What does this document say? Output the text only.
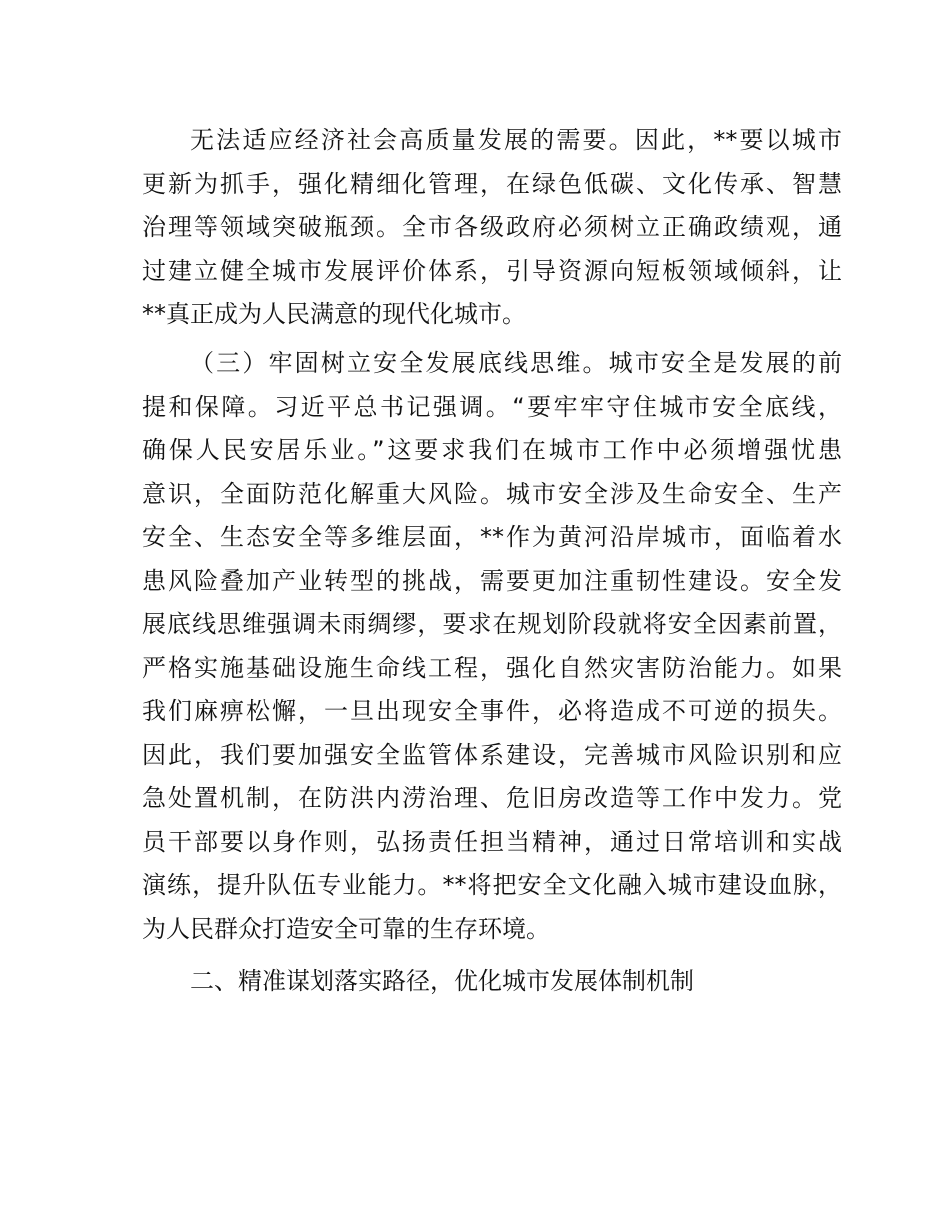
无法适应经济社会高质量发展的需要。因此，**要以城市
更新为抓手，强化精细化管理，在绿色低碳、文化传承、智慧
治理等领域突破瓶颈。全市各级政府必须树立正确政绩观，通
过建立健全城市发展评价体系，引导资源向短板领域倾斜，让
**真正成为人民满意的现代化城市。
（三）牢固树立安全发展底线思维。城市安全是发展的前
提和保障。习近平总书记强调。“要牢牢守住城市安全底线，
确保人民安居乐业。”这要求我们在城市工作中必须增强忧患
意识，全面防范化解重大风险。城市安全涉及生命安全、生产
安全、生态安全等多维层面，**作为黄河沿岸城市，面临着水
患风险叠加产业转型的挑战，需要更加注重韧性建设。安全发
展底线思维强调未雨绸缪，要求在规划阶段就将安全因素前置，
严格实施基础设施生命线工程，强化自然灾害防治能力。如果
我们麻痹松懈，一旦出现安全事件，必将造成不可逆的损失。
因此，我们要加强安全监管体系建设，完善城市风险识别和应
急处置机制，在防洪内涝治理、危旧房改造等工作中发力。党
员干部要以身作则，弘扬责任担当精神，通过日常培训和实战
演练，提升队伍专业能力。**将把安全文化融入城市建设血脉，
为人民群众打造安全可靠的生存环境。
二、精准谋划落实路径，优化城市发展体制机制
